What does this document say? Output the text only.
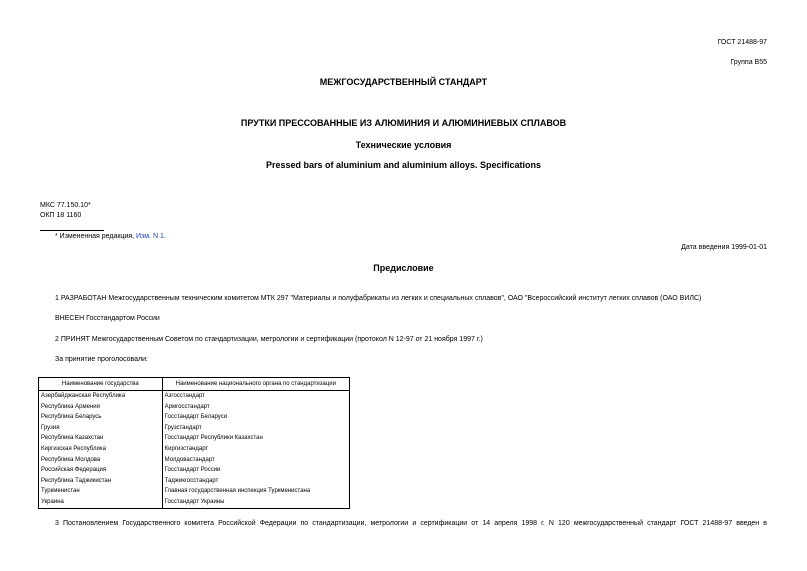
ГОСТ 21488-97
Группа В55
МЕЖГОСУДАРСТВЕННЫЙ СТАНДАРТ
ПРУТКИ ПРЕССОВАННЫЕ ИЗ АЛЮМИНИЯ И АЛЮМИНИЕВЫХ СПЛАВОВ
Технические условия
Pressed bars of aluminium and aluminium alloys. Specifications
МКС 77.150.10*
ОКП 18 1160
* Измененная редакция, Изм. N 1.
Дата введения 1999-01-01
Предисловие
1 РАЗРАБОТАН Межгосударственным техническим комитетом МТК 297 "Материалы и полуфабрикаты из легких и специальных сплавов", ОАО "Всероссийский институт легких сплавов (ОАО ВИЛС)
ВНЕСЕН Госстандартом России
2 ПРИНЯТ Межгосударственным Советом по стандартизации, метрологии и сертификации (протокол N 12-97 от 21 ноября 1997 г.)
За принятие проголосовали:
Наименование государства	Наименование национального органа по стандартизации
Азербайджанская Республика	Азгосстандарт
Республика Армения	Армгосстандарт
Республика Беларусь	Госстандарт Беларуси
Грузия	Грузстандарт
Республика Казахстан	Госстандарт Республики Казахстан
Киргизская Республика	Киргизстандарт
Республика Молдова	Молдовастандарт
Российская Федерация	Госстандарт России
Республика Таджикистан	Таджикгосстандарт
Туркменистан	Главная государственная инспекция Туркменистана
Украина	Госстандарт Украины
3 Постановлением Государственного комитета Российской Федерации по стандартизации, метрологии и сертификации от 14 апреля 1998 г. N 120 межгосударственный стандарт ГОСТ 21488-97 введен в
